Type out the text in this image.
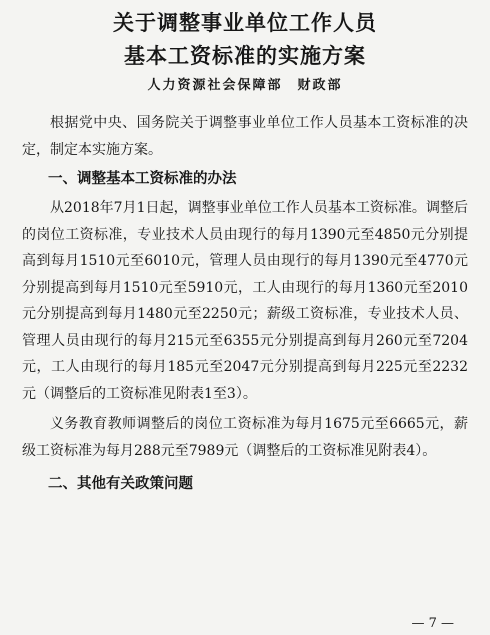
关于调整事业单位工作人员
基本工资标准的实施方案
人力资源社会保障部　财政部

根据党中央、国务院关于调整事业单位工作人员基本工资标准的决定，制定本实施方案。

一、调整基本工资标准的办法

从2018年7月1日起，调整事业单位工作人员基本工资标准。调整后的岗位工资标准，专业技术人员由现行的每月1390元至4850元分别提高到每月1510元至6010元，管理人员由现行的每月1390元至4770元分别提高到每月1510元至5910元，工人由现行的每月1360元至2010元分别提高到每月1480元至2250元；薪级工资标准，专业技术人员、管理人员由现行的每月215元至6355元分别提高到每月260元至7204元，工人由现行的每月185元至2047元分别提高到每月225元至2232元（调整后的工资标准见附表1至3）。

义务教育教师调整后的岗位工资标准为每月1675元至6665元，薪级工资标准为每月288元至7989元（调整后的工资标准见附表4）。

二、其他有关政策问题
— 7 —
